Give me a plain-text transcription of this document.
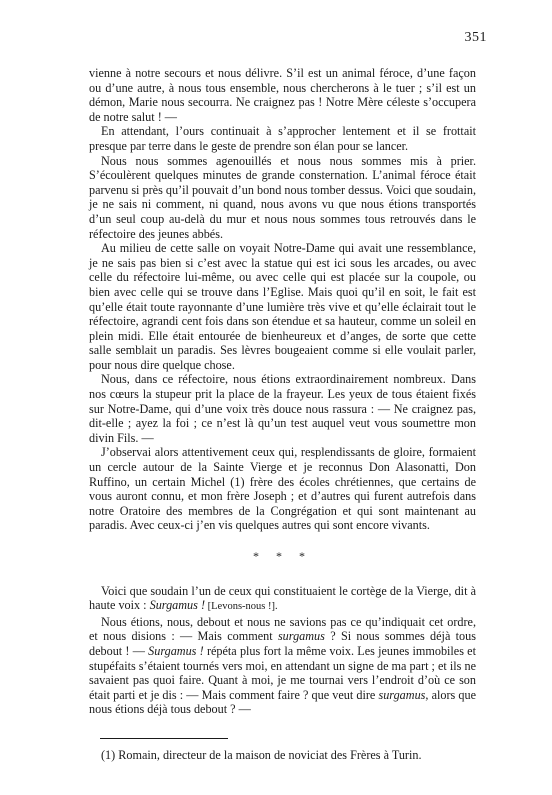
351

vienne à notre secours et nous délivre. S’il est un animal féroce, d’une façon ou d’une autre, à nous tous ensemble, nous chercherons à le tuer ; s’il est un démon, Marie nous secourra. Ne craignez pas ! Notre Mère céleste s’occupera de notre salut ! —

En attendant, l’ours continuait à s’approcher lentement et il se frottait presque par terre dans le geste de prendre son élan pour se lancer.

Nous nous sommes agenouillés et nous nous sommes mis à prier. S’écoulèrent quelques minutes de grande consternation. L’animal féroce était parvenu si près qu’il pouvait d’un bond nous tomber dessus. Voici que soudain, je ne sais ni comment, ni quand, nous avons vu que nous étions transportés d’un seul coup au-delà du mur et nous nous sommes tous retrouvés dans le réfectoire des jeunes abbés.

Au milieu de cette salle on voyait Notre-Dame qui avait une ressemblance, je ne sais pas bien si c’est avec la statue qui est ici sous les arcades, ou avec celle du réfectoire lui-même, ou avec celle qui est placée sur la coupole, ou bien avec celle qui se trouve dans l’Eglise. Mais quoi qu’il en soit, le fait est qu’elle était toute rayonnante d’une lumière très vive et qu’elle éclairait tout le réfectoire, agrandi cent fois dans son étendue et sa hauteur, comme un soleil en plein midi. Elle était entourée de bienheureux et d’anges, de sorte que cette salle semblait un paradis. Ses lèvres bougeaient comme si elle voulait parler, pour nous dire quelque chose.

Nous, dans ce réfectoire, nous étions extraordinairement nombreux. Dans nos cœurs la stupeur prit la place de la frayeur. Les yeux de tous étaient fixés sur Notre-Dame, qui d’une voix très douce nous rassura : — Ne craignez pas, dit-elle ; ayez la foi ; ce n’est là qu’un test auquel veut vous soumettre mon divin Fils. —

J’observai alors attentivement ceux qui, resplendissants de gloire, formaient un cercle autour de la Sainte Vierge et je reconnus Don Alasonatti, Don Ruffino, un certain Michel (1) frère des écoles chrétiennes, que certains de vous auront connu, et mon frère Joseph ; et d’autres qui furent autrefois dans notre Oratoire des membres de la Congrégation et qui sont maintenant au paradis. Avec ceux-ci j’en vis quelques autres qui sont encore vivants.

* * *

Voici que soudain l’un de ceux qui constituaient le cortège de la Vierge, dit à haute voix : Surgamus ! [Levons-nous !].

Nous étions, nous, debout et nous ne savions pas ce qu’indiquait cet ordre, et nous disions : — Mais comment surgamus ? Si nous sommes déjà tous debout ! — Surgamus ! répéta plus fort la même voix. Les jeunes immobiles et stupéfaits s’étaient tournés vers moi, en attendant un signe de ma part ; et ils ne savaient pas quoi faire. Quant à moi, je me tournai vers l’endroit d’où ce son était parti et je dis : — Mais comment faire ? que veut dire surgamus, alors que nous étions déjà tous debout ? —

(1) Romain, directeur de la maison de noviciat des Frères à Turin.
